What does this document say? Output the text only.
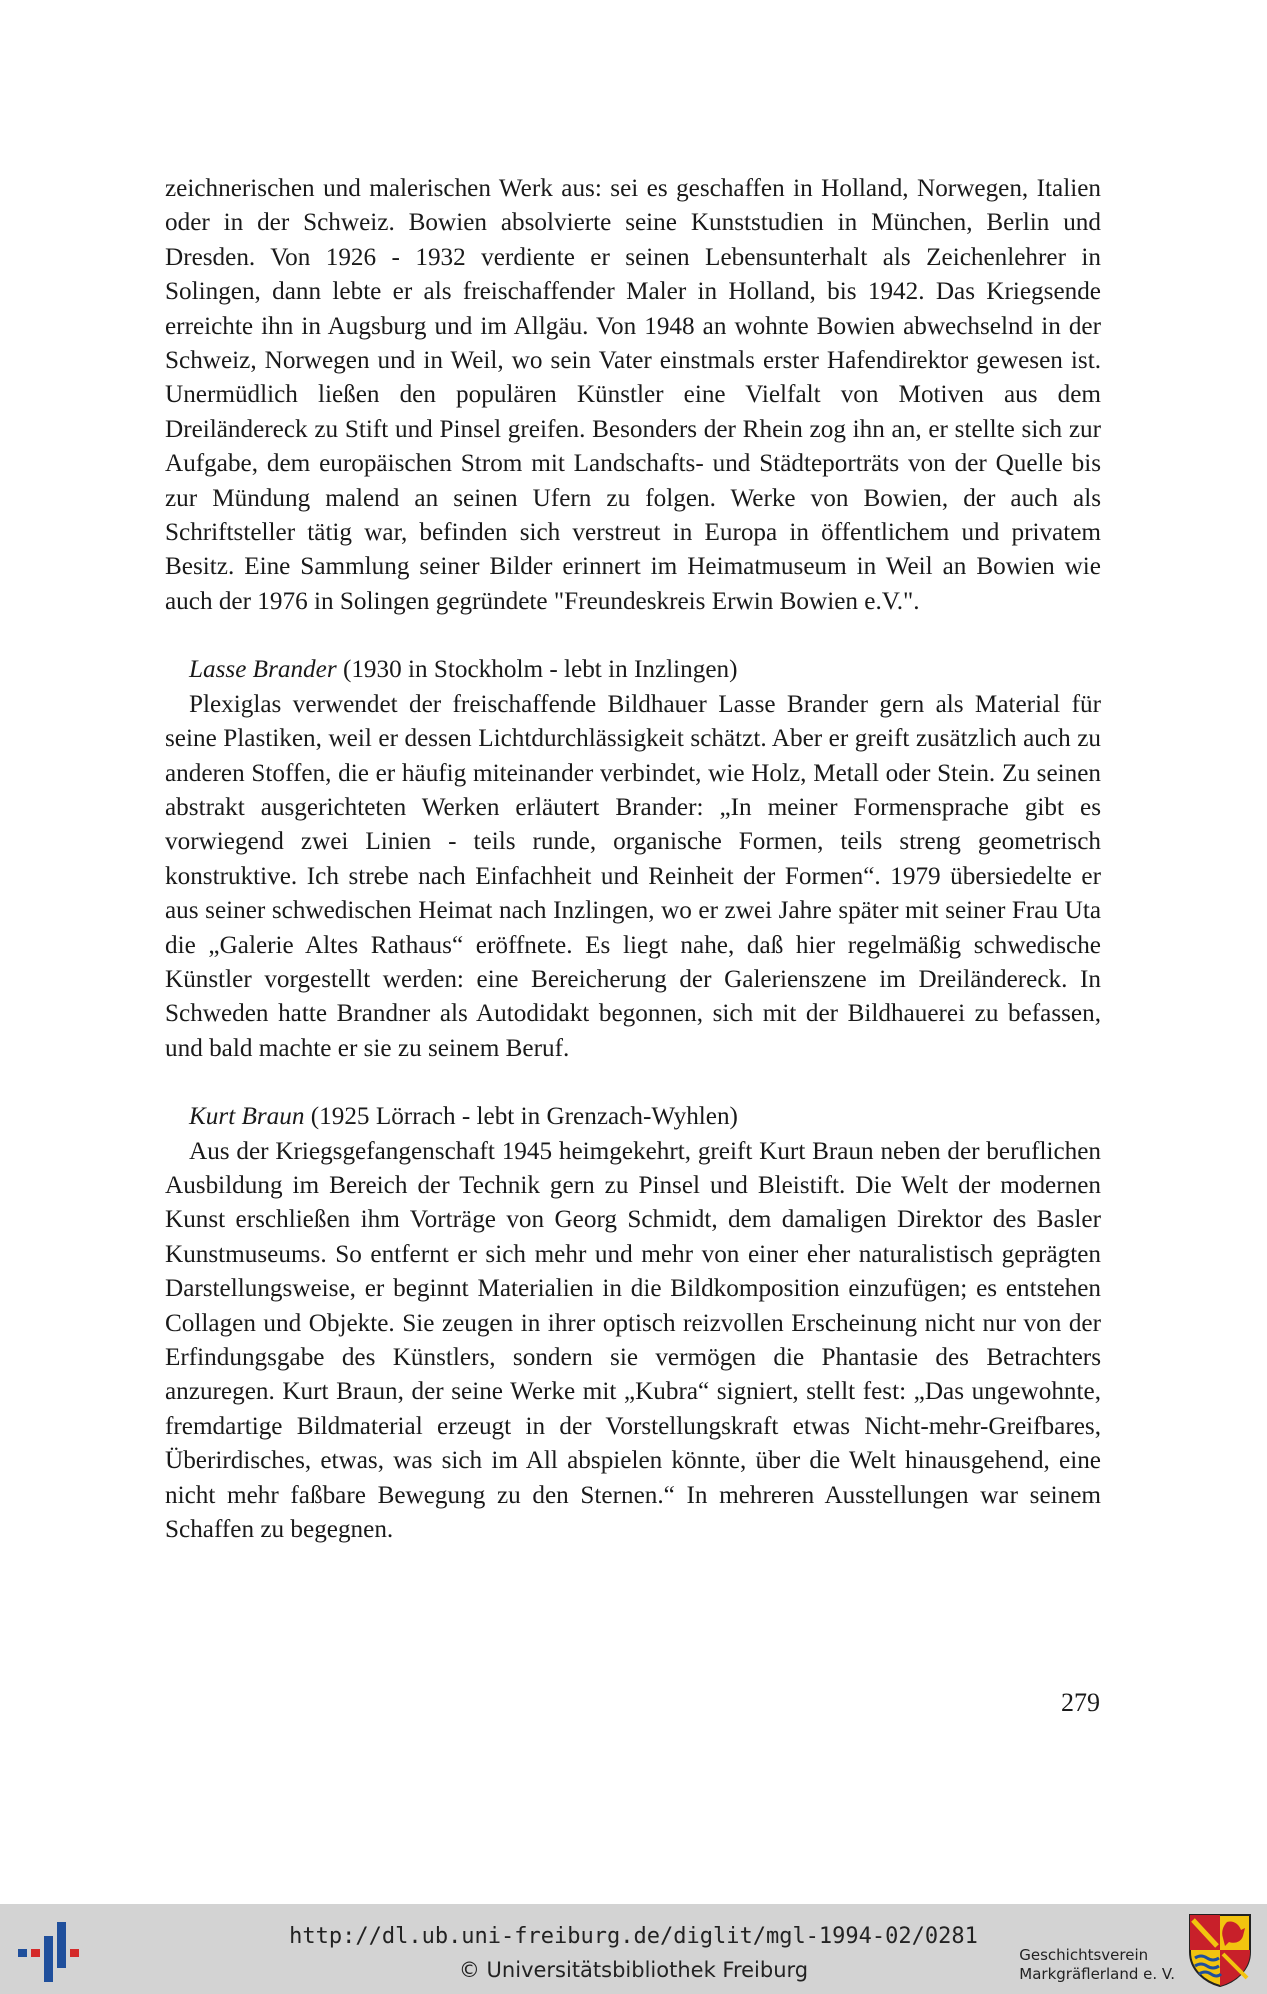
zeichnerischen und malerischen Werk aus: sei es geschaffen in Holland, Norwegen, Italien oder in der Schweiz. Bowien absolvierte seine Kunststudien in München, Berlin und Dresden. Von 1926 - 1932 verdiente er seinen Lebensunterhalt als Zeichenlehrer in Solingen, dann lebte er als freischaffender Maler in Holland, bis 1942. Das Kriegsende erreichte ihn in Augsburg und im Allgäu. Von 1948 an wohnte Bowien abwechselnd in der Schweiz, Norwegen und in Weil, wo sein Vater einstmals erster Hafendirektor gewesen ist. Unermüdlich ließen den populären Künstler eine Vielfalt von Motiven aus dem Dreiländereck zu Stift und Pinsel greifen. Besonders der Rhein zog ihn an, er stellte sich zur Aufgabe, dem europäischen Strom mit Landschafts- und Städteporträts von der Quelle bis zur Mündung malend an seinen Ufern zu folgen. Werke von Bowien, der auch als Schriftsteller tätig war, befinden sich verstreut in Europa in öffentlichem und privatem Besitz. Eine Sammlung seiner Bilder erinnert im Heimatmuseum in Weil an Bowien wie auch der 1976 in Solingen gegründete "Freundeskreis Erwin Bowien e.V.".

Lasse Brander (1930 in Stockholm - lebt in Inzlingen)

Plexiglas verwendet der freischaffende Bildhauer Lasse Brander gern als Material für seine Plastiken, weil er dessen Lichtdurchlässigkeit schätzt. Aber er greift zusätzlich auch zu anderen Stoffen, die er häufig miteinander verbindet, wie Holz, Metall oder Stein. Zu seinen abstrakt ausgerichteten Werken erläutert Brander: „In meiner Formensprache gibt es vorwiegend zwei Linien - teils runde, organische Formen, teils streng geometrisch konstruktive. Ich strebe nach Einfachheit und Reinheit der Formen“. 1979 übersiedelte er aus seiner schwedischen Heimat nach Inzlingen, wo er zwei Jahre später mit seiner Frau Uta die „Galerie Altes Rathaus“ eröffnete. Es liegt nahe, daß hier regelmäßig schwedische Künstler vorgestellt werden: eine Bereicherung der Galerienszene im Dreiländereck. In Schweden hatte Brandner als Autodidakt begonnen, sich mit der Bildhauerei zu befassen, und bald machte er sie zu seinem Beruf.

Kurt Braun (1925 Lörrach - lebt in Grenzach-Wyhlen)

Aus der Kriegsgefangenschaft 1945 heimgekehrt, greift Kurt Braun neben der beruflichen Ausbildung im Bereich der Technik gern zu Pinsel und Bleistift. Die Welt der modernen Kunst erschließen ihm Vorträge von Georg Schmidt, dem damaligen Direktor des Basler Kunstmuseums. So entfernt er sich mehr und mehr von einer eher naturalistisch geprägten Darstellungsweise, er beginnt Materialien in die Bildkomposition einzufügen; es entstehen Collagen und Objekte. Sie zeugen in ihrer optisch reizvollen Erscheinung nicht nur von der Erfindungsgabe des Künstlers, sondern sie vermögen die Phantasie des Betrachters anzuregen. Kurt Braun, der seine Werke mit „Kubra“ signiert, stellt fest: „Das ungewohnte, fremdartige Bildmaterial erzeugt in der Vorstellungskraft etwas Nicht-mehr-Greifbares, Überirdisches, etwas, was sich im All abspielen könnte, über die Welt hinausgehend, eine nicht mehr faßbare Bewegung zu den Sternen.“ In mehreren Ausstellungen war seinem Schaffen zu begegnen.

279
http://dl.ub.uni-freiburg.de/diglit/mgl-1994-02/0281
© Universitätsbibliothek Freiburg
Geschichtsverein
Markgräflerland e. V.
